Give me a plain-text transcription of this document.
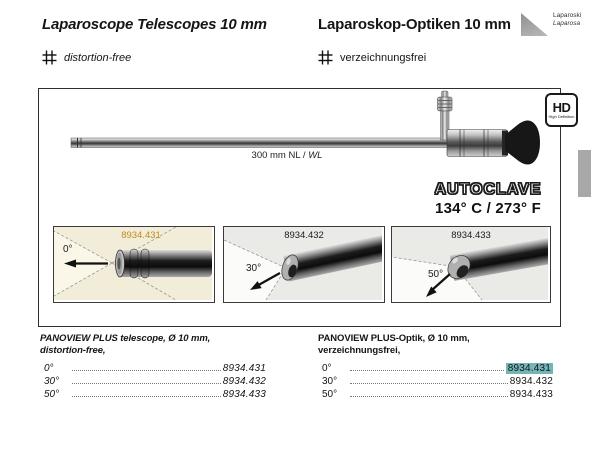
Laparoscope Telescopes 10 mm
distortion-free
Laparoskop-Optiken 10 mm
verzeichnungsfrei
Laparoski
Laparosa
300 mm NL / WL
HD
High Definition
AUTOCLAVE
134° C / 273° F
8934.431
0°
8934.432
30°
8934.433
50°
PANOVIEW PLUS telescope, Ø 10 mm,
distortion-free,
0°	8934.431
30°	8934.432
50°	8934.433
PANOVIEW PLUS-Optik, Ø 10 mm,
verzeichnungsfrei,
0°	8934.431
30°	8934.432
50°	8934.433
